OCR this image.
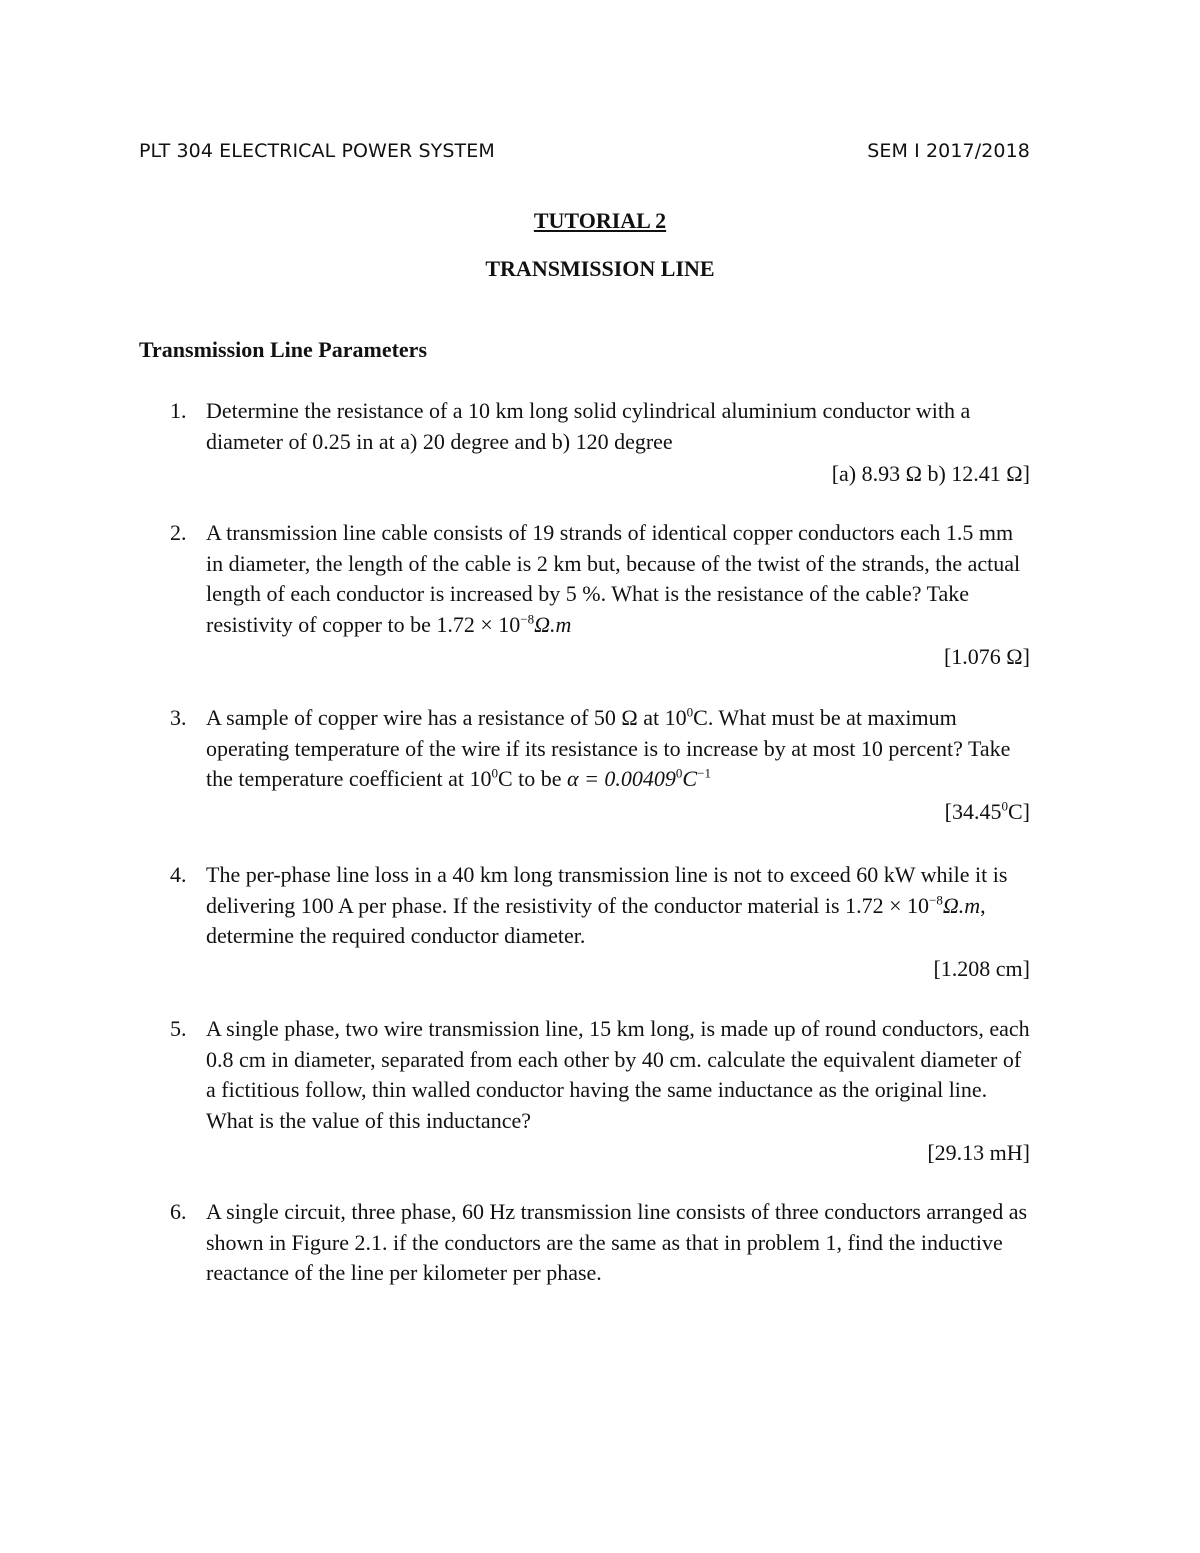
PLT 304 ELECTRICAL POWER SYSTEM	SEM I 2017/2018
TUTORIAL 2
TRANSMISSION LINE
Transmission Line Parameters
1. Determine the resistance of a 10 km long solid cylindrical aluminium conductor with a diameter of 0.25 in at a) 20 degree and b) 120 degree
[a) 8.93 Ω b) 12.41 Ω]
2. A transmission line cable consists of 19 strands of identical copper conductors each 1.5 mm in diameter, the length of the cable is 2 km but, because of the twist of the strands, the actual length of each conductor is increased by 5 %. What is the resistance of the cable? Take resistivity of copper to be $1.72 \times 10^{-8}\Omega.m$
[1.076 Ω]
3. A sample of copper wire has a resistance of 50 Ω at $10^0C$. What must be at maximum operating temperature of the wire if its resistance is to increase by at most 10 percent? Take the temperature coefficient at $10^0C$ to be $\alpha = 0.00409^0C^{-1}$
[34.45$^0$C]
4. The per-phase line loss in a 40 km long transmission line is not to exceed 60 kW while it is delivering 100 A per phase. If the resistivity of the conductor material is $1.72 \times 10^{-8}\Omega.m$, determine the required conductor diameter.
[1.208 cm]
5. A single phase, two wire transmission line, 15 km long, is made up of round conductors, each 0.8 cm in diameter, separated from each other by 40 cm. calculate the equivalent diameter of a fictitious follow, thin walled conductor having the same inductance as the original line. What is the value of this inductance?
[29.13 mH]
6. A single circuit, three phase, 60 Hz transmission line consists of three conductors arranged as shown in Figure 2.1. if the conductors are the same as that in problem 1, find the inductive reactance of the line per kilometer per phase.
